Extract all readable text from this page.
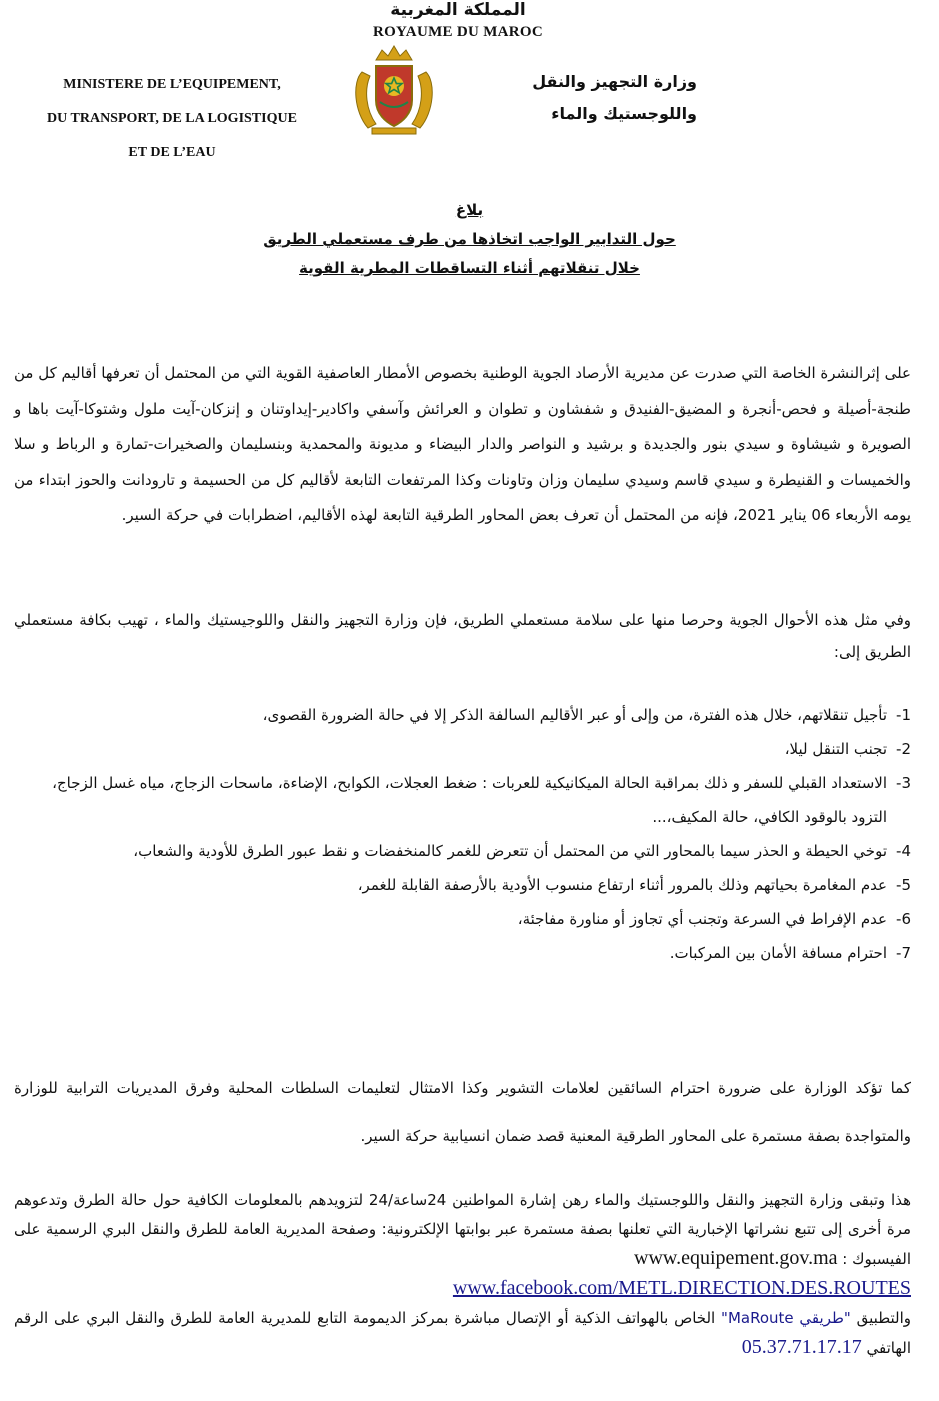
المملكة المغربية
ROYAUME DU MAROC
MINISTERE DE L’EQUIPEMENT,
DU TRANSPORT, DE LA LOGISTIQUE
ET DE L’EAU
وزارة التجهيز والنقل
واللوجستيك والماء
بلاغ
حول التدابير الواجب اتخاذها من طرف مستعملي الطريق
خلال تنقلاتهم أثناء التساقطات المطرية القوية
على إثرالنشرة الخاصة التي صدرت عن مديرية الأرصاد الجوية الوطنية بخصوص الأمطار العاصفية القوية التي من المحتمل أن تعرفها أقاليم كل من طنجة-أصيلة و فحص-أنجرة و المضيق-الفنيدق و شفشاون و تطوان و العرائش وآسفي واكادير-إيداوتنان و إنزكان-آيت ملول وشتوكا-آيت باها و الصويرة و شيشاوة و سيدي بنور والجديدة و برشيد و النواصر والدار البيضاء و مديونة والمحمدية وبنسليمان والصخيرات-تمارة و الرباط و سلا والخميسات و القنيطرة و سيدي قاسم وسيدي سليمان وزان وتاونات وكذا المرتفعات التابعة لأقاليم كل من الحسيمة و تارودانت والحوز ابتداء من يومه الأربعاء 06 يناير 2021، فإنه من المحتمل أن تعرف بعض المحاور الطرقية التابعة لهذه الأقاليم، اضطرابات في حركة السير.
وفي مثل هذه الأحوال الجوية وحرصا منها على سلامة مستعملي الطريق، فإن وزارة التجهيز والنقل واللوجيستيك والماء ، تهيب بكافة مستعملي الطريق إلى:
-1
تأجيل تنقلاتهم، خلال هذه الفترة، من وإلى أو عبر الأقاليم السالفة الذكر إلا في حالة الضرورة القصوى،
-2
تجنب التنقل ليلا،
-3
الاستعداد القبلي للسفر و ذلك بمراقبة الحالة الميكانيكية للعربات : ضغط العجلات، الكوابح، الإضاءة، ماسحات الزجاج، مياه غسل الزجاج، التزود بالوقود الكافي، حالة المكيف،...
-4
توخي الحيطة و الحذر سيما بالمحاور التي من المحتمل أن تتعرض للغمر كالمنخفضات و نقط عبور الطرق للأودية والشعاب،
-5
عدم المغامرة بحياتهم وذلك بالمرور أثناء ارتفاع منسوب الأودية بالأرصفة القابلة للغمر،
-6
عدم الإفراط في السرعة وتجنب أي تجاوز أو مناورة مفاجئة،
-7
احترام مسافة الأمان بين المركبات.
كما تؤكد الوزارة على ضرورة احترام السائقين لعلامات التشوير وكذا الامتثال لتعليمات السلطات المحلية وفرق المديريات الترابية للوزارة والمتواجدة بصفة مستمرة على المحاور الطرقية المعنية قصد ضمان انسيابية حركة السير.
هذا وتبقى وزارة التجهيز والنقل واللوجستيك والماء رهن إشارة المواطنين 24ساعة/24 لتزويدهم بالمعلومات الكافية حول حالة الطرق وتدعوهم مرة أخرى إلى تتبع نشراتها الإخبارية التي تعلنها بصفة مستمرة عبر بوابتها الإلكترونية: وصفحة المديرية العامة للطرق والنقل البري الرسمية على الفيسبوك : www.equipement.gov.ma
www.facebook.com/METL.DIRECTION.DES.ROUTES
والتطبيق "طريقي MaRoute" الخاص بالهواتف الذكية أو الإتصال مباشرة بمركز الديمومة التابع للمديرية العامة للطرق والنقل البري على الرقم الهاتفي 05.37.71.17.17
